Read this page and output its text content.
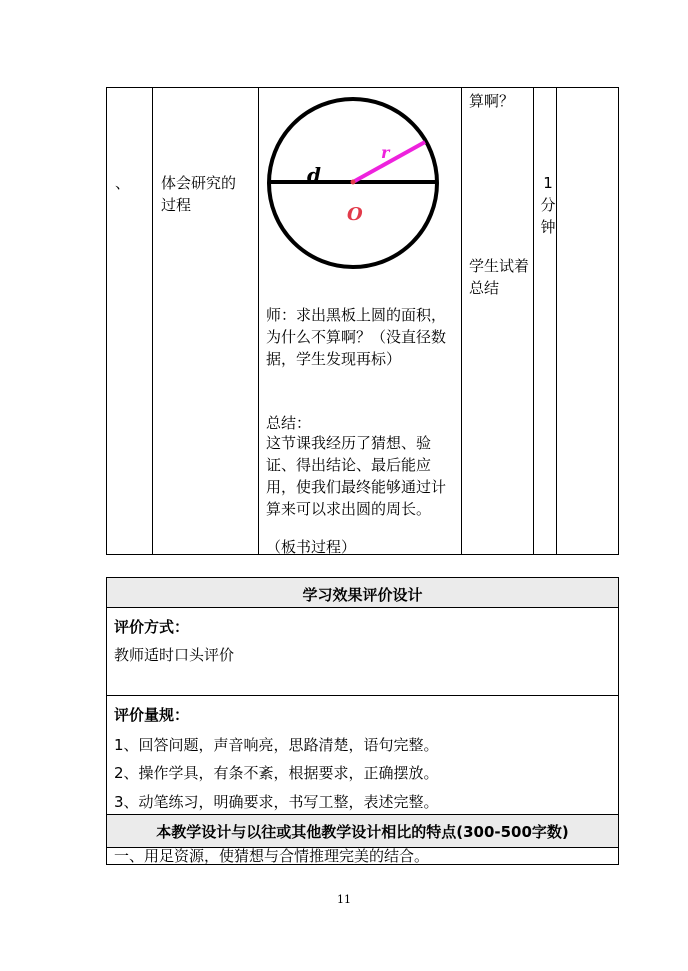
、 体会研究的过程
d
r
O
师：求出黑板上圆的面积，为什么不算啊？（没直径数据，学生发现再标）
总结：
这节课我经历了猜想、验证、得出结论、最后能应用，使我们最终能够通过计算来可以求出圆的周长。
（板书过程）
算啊？
学生试着总结
1
分
钟
学习效果评价设计
评价方式：
教师适时口头评价
评价量规：
1、回答问题，声音响亮，思路清楚，语句完整。
2、操作学具，有条不紊，根据要求，正确摆放。
3、动笔练习，明确要求，书写工整，表述完整。
本教学设计与以往或其他教学设计相比的特点(300-500字数)
一、用足资源，使猜想与合情推理完美的结合。
11
